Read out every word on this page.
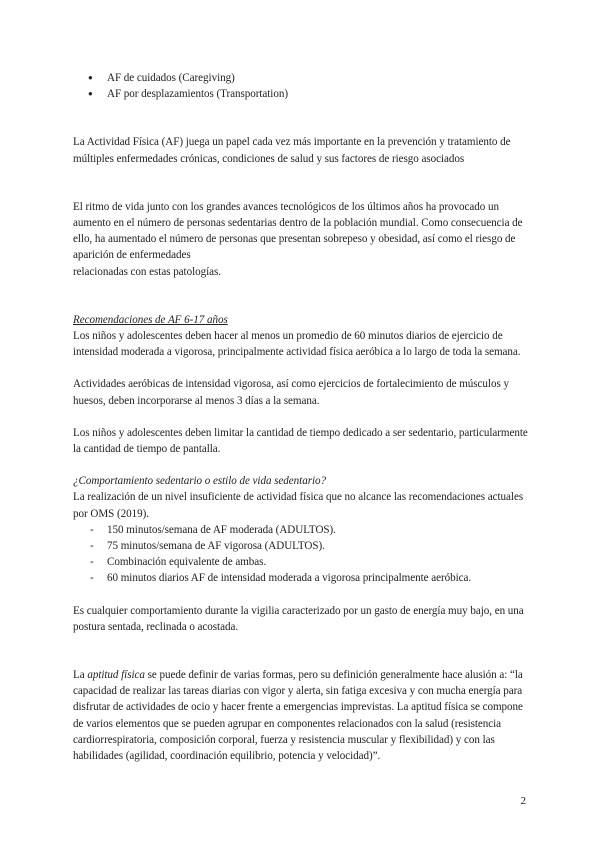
● AF de cuidados (Caregiving)
● AF por desplazamientos (Transportation)

La Actividad Física (AF) juega un papel cada vez más importante en la prevención y tratamiento de múltiples enfermedades crónicas, condiciones de salud y sus factores de riesgo asociados

El ritmo de vida junto con los grandes avances tecnológicos de los últimos años ha provocado un aumento en el número de personas sedentarias dentro de la población mundial. Como consecuencia de ello, ha aumentado el número de personas que presentan sobrepeso y obesidad, así como el riesgo de aparición de enfermedades

relacionadas con estas patologías.

Recomendaciones de AF 6-17 años

Los niños y adolescentes deben hacer al menos un promedio de 60 minutos diarios de ejercicio de intensidad moderada a vigorosa, principalmente actividad física aeróbica a lo largo de toda la semana.

Actividades aeróbicas de intensidad vigorosa, así como ejercicios de fortalecimiento de músculos y huesos, deben incorporarse al menos 3 días a la semana.

Los niños y adolescentes deben limitar la cantidad de tiempo dedicado a ser sedentario, particularmente la cantidad de tiempo de pantalla.

¿Comportamiento sedentario o estilo de vida sedentario?

La realización de un nivel insuficiente de actividad física que no alcance las recomendaciones actuales por OMS (2019).

- 150 minutos/semana de AF moderada (ADULTOS).
- 75 minutos/semana de AF vigorosa (ADULTOS).
- Combinación equivalente de ambas.
- 60 minutos diarios AF de intensidad moderada a vigorosa principalmente aeróbica.

Es cualquier comportamiento durante la vigilia caracterizado por un gasto de energía muy bajo, en una postura sentada, reclinada o acostada.

La aptitud física se puede definir de varias formas, pero su definición generalmente hace alusión a: “la capacidad de realizar las tareas diarias con vigor y alerta, sin fatiga excesiva y con mucha energía para disfrutar de actividades de ocio y hacer frente a emergencias imprevistas. La aptitud física se compone de varios elementos que se pueden agrupar en componentes relacionados con la salud (resistencia cardiorrespiratoria, composición corporal, fuerza y resistencia muscular y flexibilidad) y con las habilidades (agilidad, coordinación equilibrio, potencia y velocidad)”.

2
